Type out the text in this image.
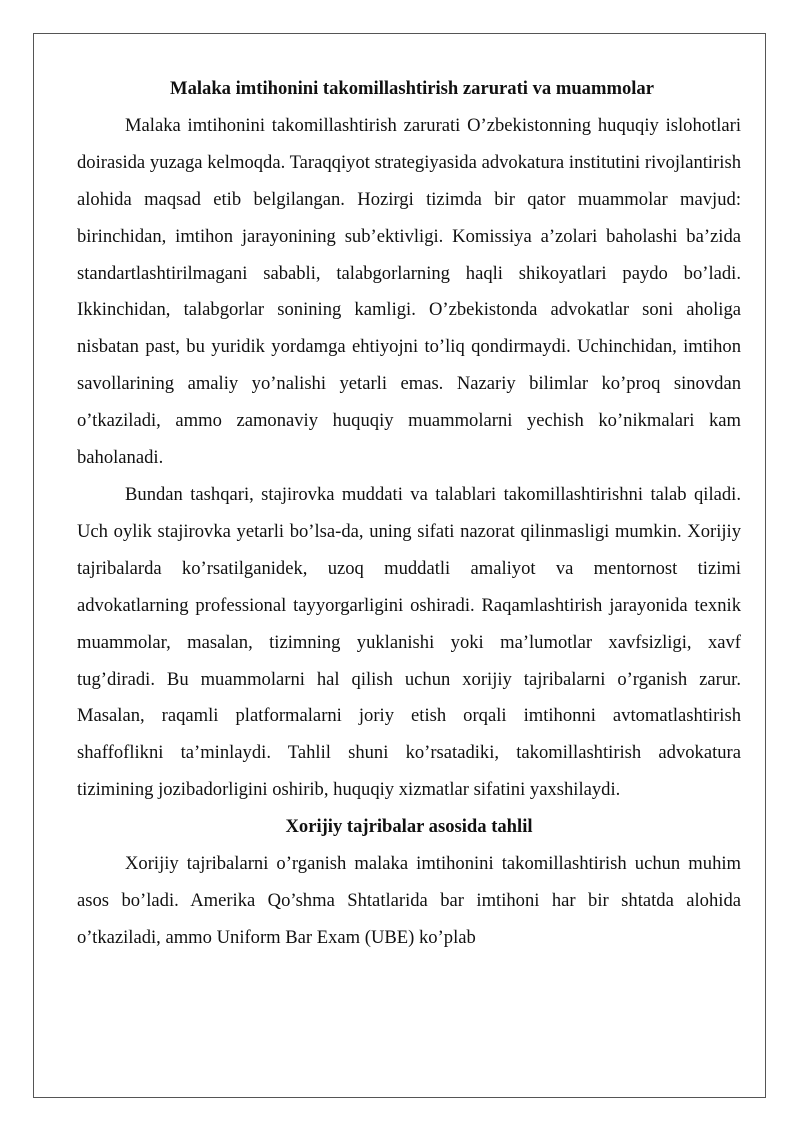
Malaka imtihonini takomillashtirish zarurati va muammolar

Malaka imtihonini takomillashtirish zarurati O’zbekistonning huquqiy islohotlari doirasida yuzaga kelmoqda. Taraqqiyot strategiyasida advokatura institutini rivojlantirish alohida maqsad etib belgilangan. Hozirgi tizimda bir qator muammolar mavjud: birinchidan, imtihon jarayonining sub’ektivligi. Komissiya a’zolari baholashi ba’zida standartlashtirilmagani sababli, talabgorlarning haqli shikoyatlari paydo bo’ladi. Ikkinchidan, talabgorlar sonining kamligi. O’zbekistonda advokatlar soni aholiga nisbatan past, bu yuridik yordamga ehtiyojni to’liq qondirmaydi. Uchinchidan, imtihon savollarining amaliy yo’nalishi yetarli emas. Nazariy bilimlar ko’proq sinovdan o’tkaziladi, ammo zamonaviy huquqiy muammolarni yechish ko’nikmalari kam baholanadi.

Bundan tashqari, stajirovka muddati va talablari takomillashtirishni talab qiladi. Uch oylik stajirovka yetarli bo’lsa-da, uning sifati nazorat qilinmasligi mumkin. Xorijiy tajribalarda ko’rsatilganidek, uzoq muddatli amaliyot va mentornost tizimi advokatlarning professional tayyorgarligini oshiradi. Raqamlashtirish jarayonida texnik muammolar, masalan, tizimning yuklanishi yoki ma’lumotlar xavfsizligi, xavf tug’diradi. Bu muammolarni hal qilish uchun xorijiy tajribalarni o’rganish zarur. Masalan, raqamli platformalarni joriy etish orqali imtihonni avtomatlashtirish shaffoflikni ta’minlaydi. Tahlil shuni ko’rsatadiki, takomillashtirish advokatura tizimining jozibadorligini oshirib, huquqiy xizmatlar sifatini yaxshilaydi.

Xorijiy tajribalar asosida tahlil

Xorijiy tajribalarni o’rganish malaka imtihonini takomillashtirish uchun muhim asos bo’ladi. Amerika Qo’shma Shtatlarida bar imtihoni har bir shtatda alohida o’tkaziladi, ammo Uniform Bar Exam (UBE) ko’plab
